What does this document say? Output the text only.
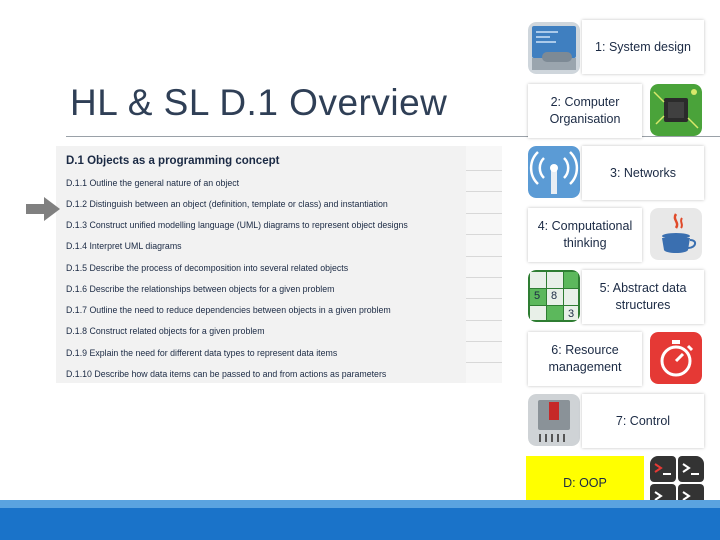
HL & SL D.1 Overview
D.1 Objects as a programming concept
D.1.1 Outline the general nature of an object
D.1.2 Distinguish between an object (definition, template or class) and instantiation
D.1.3 Construct unified modelling language (UML) diagrams to represent object designs
D.1.4 Interpret UML diagrams
D.1.5 Describe the process of decomposition into several related objects
D.1.6 Describe the relationships between objects for a given problem
D.1.7 Outline the need to reduce dependencies between objects in a given problem
D.1.8 Construct related objects for a given problem
D.1.9 Explain the need for different data types to represent data items
D.1.10 Describe how data items can be passed to and from actions as parameters
1: System design
2: Computer Organisation
3: Networks
4: Computational thinking
5 8
3
5: Abstract data structures
6: Resource management
7: Control
D: OOP
